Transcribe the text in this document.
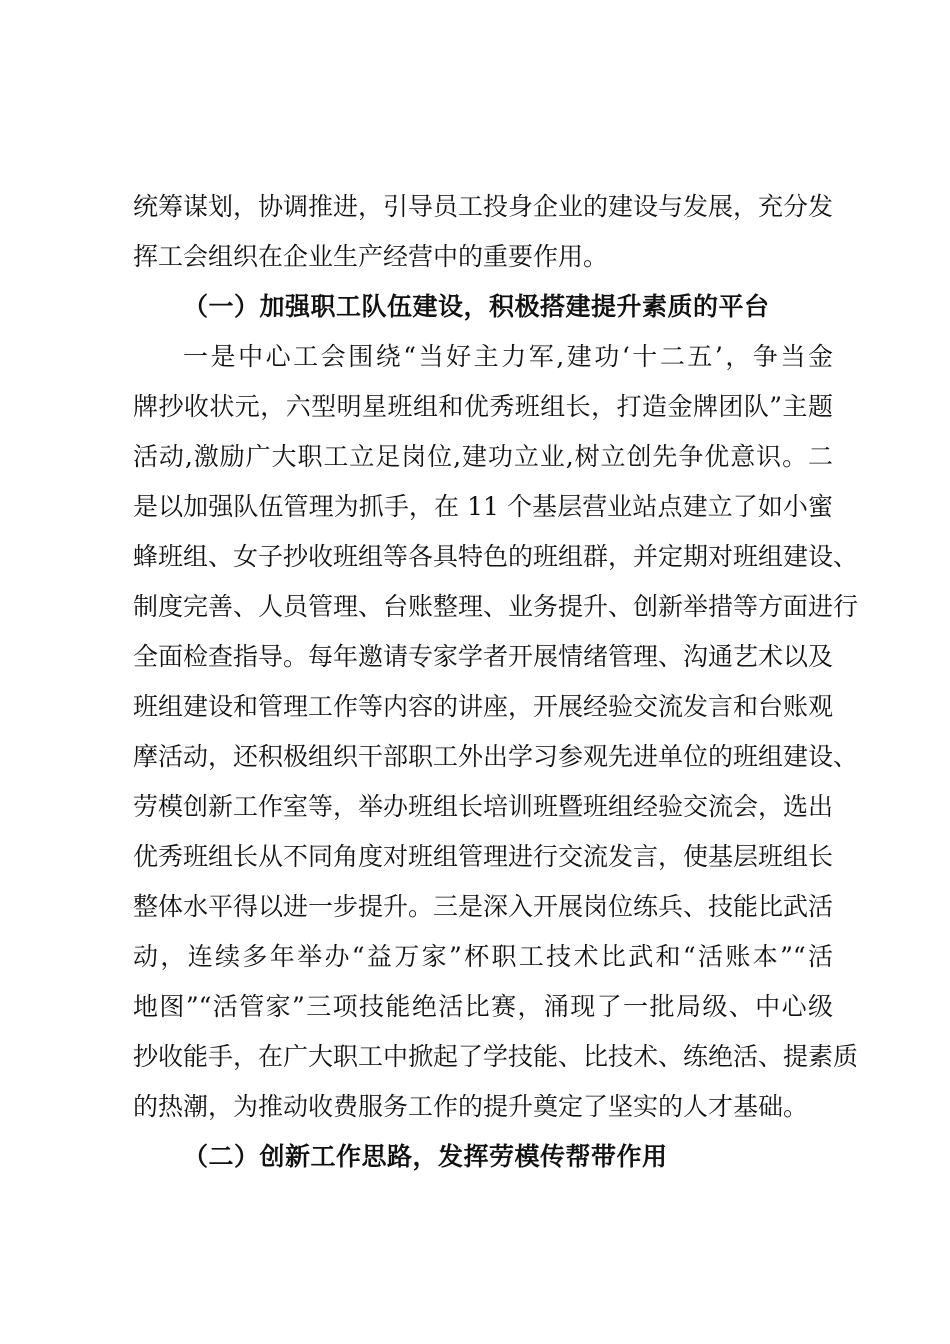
统筹谋划，协调推进，引导员工投身企业的建设与发展，充分发
挥工会组织在企业生产经营中的重要作用。
（一）加强职工队伍建设，积极搭建提升素质的平台
一是中心工会围绕“当好主力军,建功‘十二五’，争当金
牌抄收状元，六型明星班组和优秀班组长，打造金牌团队”主题
活动,激励广大职工立足岗位,建功立业,树立创先争优意识。二
是以加强队伍管理为抓手，在 11 个基层营业站点建立了如小蜜
蜂班组、女子抄收班组等各具特色的班组群，并定期对班组建设、
制度完善、人员管理、台账整理、业务提升、创新举措等方面进行
全面检查指导。每年邀请专家学者开展情绪管理、沟通艺术以及
班组建设和管理工作等内容的讲座，开展经验交流发言和台账观
摩活动，还积极组织干部职工外出学习参观先进单位的班组建设、
劳模创新工作室等，举办班组长培训班暨班组经验交流会，选出
优秀班组长从不同角度对班组管理进行交流发言，使基层班组长
整体水平得以进一步提升。三是深入开展岗位练兵、技能比武活
动，连续多年举办“益万家”杯职工技术比武和“活账本”“活
地图”“活管家”三项技能绝活比赛，涌现了一批局级、中心级
抄收能手，在广大职工中掀起了学技能、比技术、练绝活、提素质
的热潮，为推动收费服务工作的提升奠定了坚实的人才基础。
（二）创新工作思路，发挥劳模传帮带作用
